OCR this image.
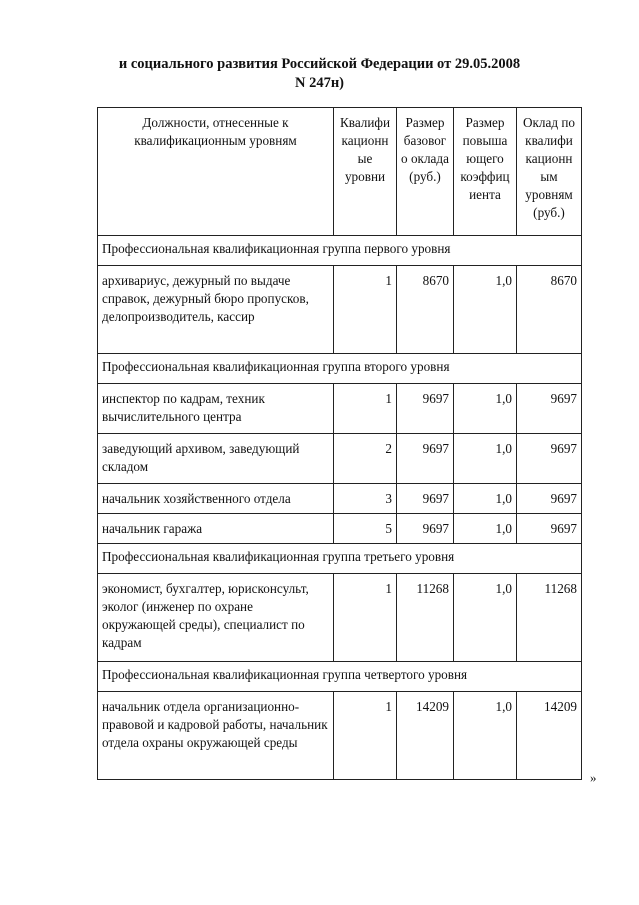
и социального развития Российской Федерации от 29.05.2008
N 247н)
Должности, отнесенные к квалификационным уровням	Квалифи кационн ые уровни	Размер базовог о оклада (руб.)	Размер повыша ющего коэффиц иента	Оклад по квалифи кационн ым уровням (руб.)
Профессиональная квалификационная группа первого уровня				
архивариус, дежурный по выдаче справок, дежурный бюро пропусков, делопроизводитель, кассир	1	8670	1,0	8670
Профессиональная квалификационная группа второго уровня				
инспектор по кадрам, техник вычислительного центра	1	9697	1,0	9697
заведующий архивом, заведующий складом	2	9697	1,0	9697
начальник хозяйственного отдела	3	9697	1,0	9697
начальник гаража	5	9697	1,0	9697
Профессиональная квалификационная группа третьего уровня				
экономист, бухгалтер, юрисконсульт, эколог (инженер по охране окружающей среды), специалист по кадрам	1	11268	1,0	11268
Профессиональная квалификационная группа четвертого уровня				
начальник отдела организационно-правовой и кадровой работы, начальник отдела охраны окружающей среды	1	14209	1,0	14209
»
